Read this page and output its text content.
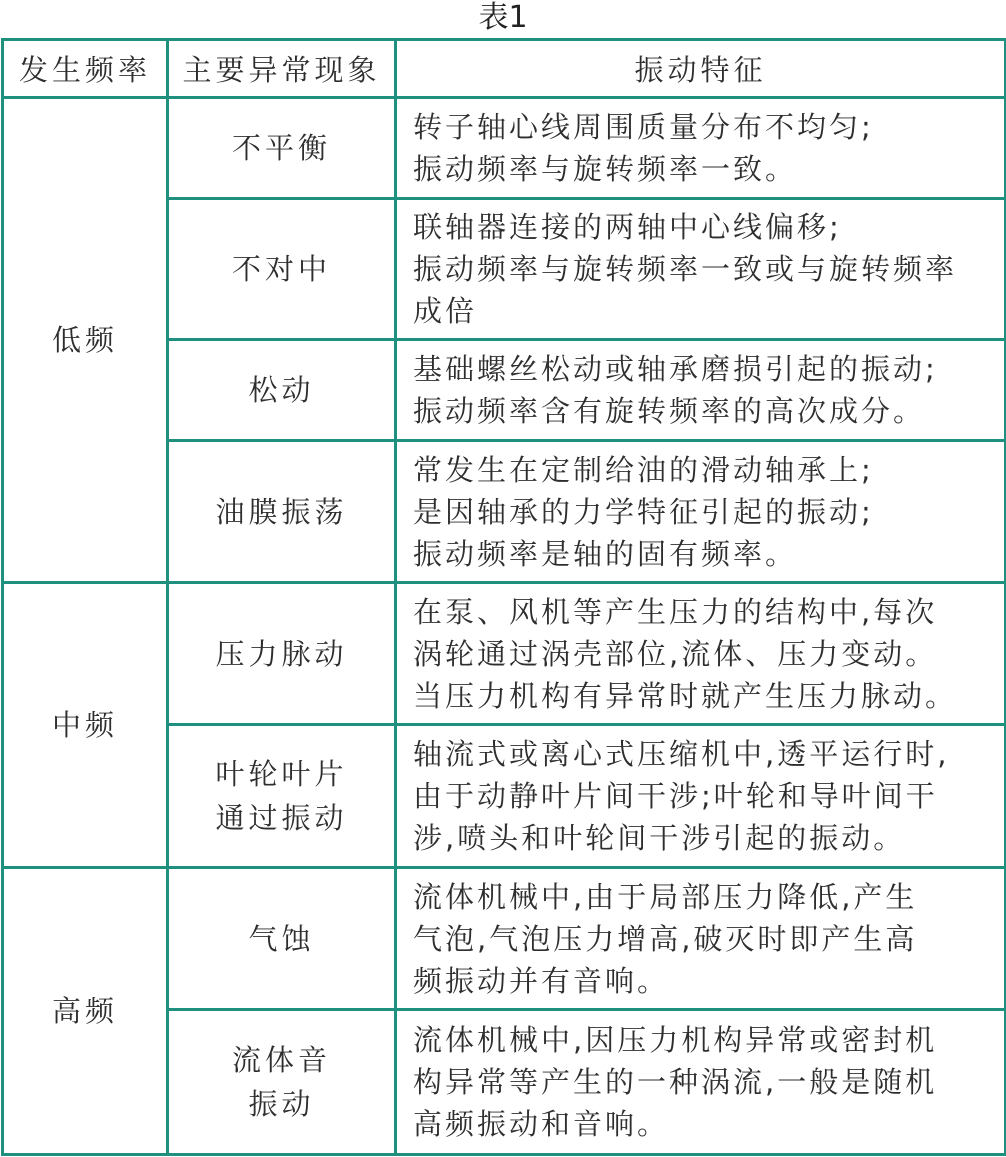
表1
发生频率	主要异常现象	振动特征
低频	不平衡	转子轴心线周围质量分布不均匀;
振动频率与旋转频率一致。

	不对中	联轴器连接的两轴中心线偏移;
振动频率与旋转频率一致或与旋转频率
成倍

	松动	基础螺丝松动或轴承磨损引起的振动;
振动频率含有旋转频率的高次成分。

	油膜振荡	常发生在定制给油的滑动轴承上;
是因轴承的力学特征引起的振动;
振动频率是轴的固有频率。

中频	压力脉动	在泵、风机等产生压力的结构中,每次
涡轮通过涡壳部位,流体、压力变动。
当压力机构有异常时就产生压力脉动。

	叶轮叶片
通过振动	轴流式或离心式压缩机中,透平运行时,
由于动静叶片间干涉;叶轮和导叶间干
涉,喷头和叶轮间干涉引起的振动。

高频	气蚀	流体机械中,由于局部压力降低,产生
气泡,气泡压力增高,破灭时即产生高
频振动并有音响。

	流体音
振动	流体机械中,因压力机构异常或密封机
构异常等产生的一种涡流,一般是随机
高频振动和音响。
